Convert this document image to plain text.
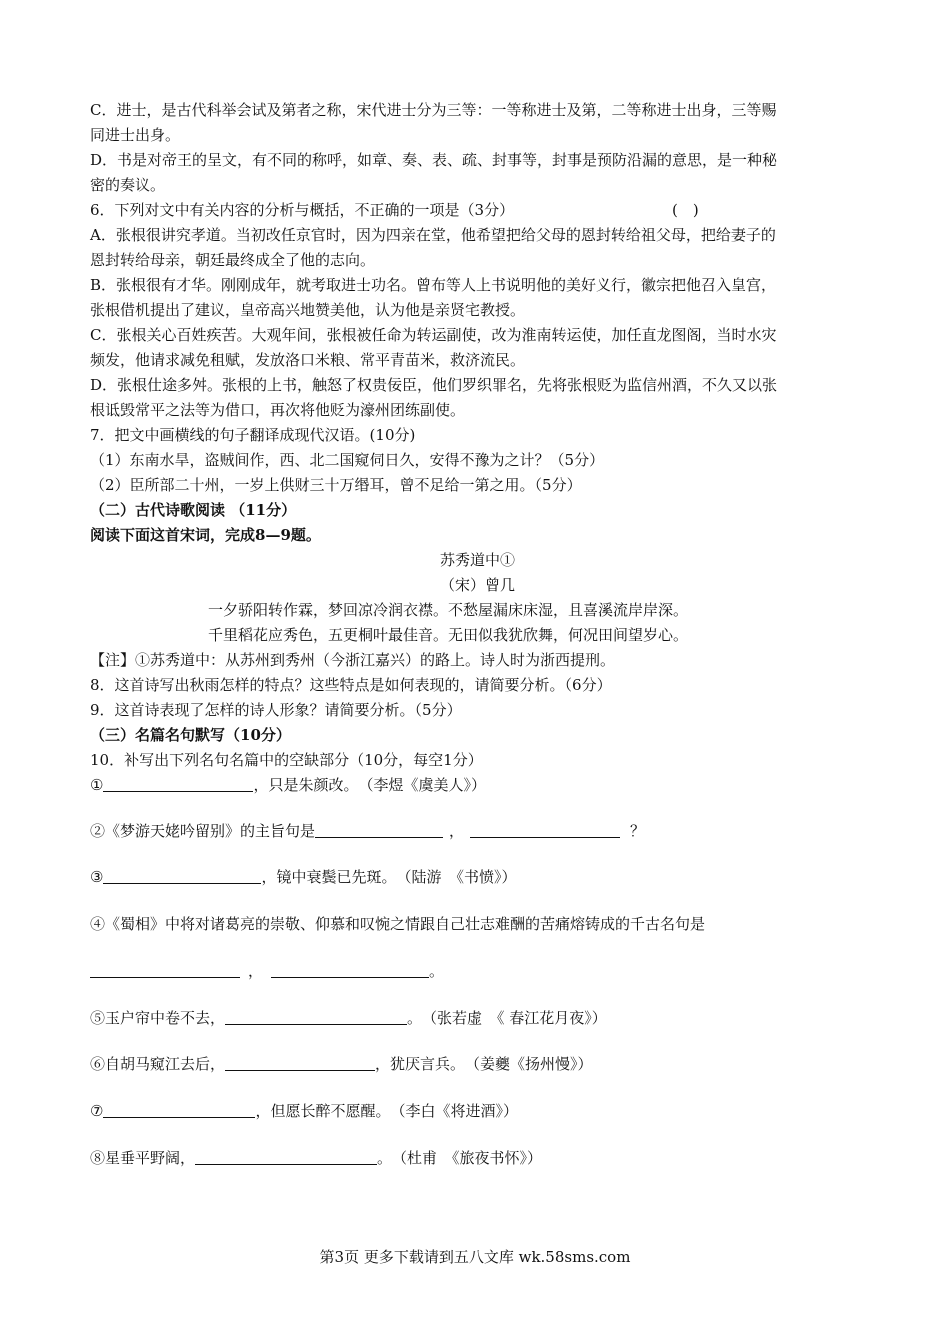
C．进士，是古代科举会试及第者之称，宋代进士分为三等：一等称进士及第，二等称进士出身，三等赐
同进士出身。
D．书是对帝王的呈文，有不同的称呼，如章、奏、表、疏、封事等，封事是预防沿漏的意思，是一种秘
密的奏议。
6．下列对文中有关内容的分析与概括，不正确的一项是（3分）	(　)
A．张根很讲究孝道。当初改任京官时，因为四亲在堂，他希望把给父母的恩封转给祖父母，把给妻子的
恩封转给母亲，朝廷最终成全了他的志向。
B．张根很有才华。刚刚成年，就考取进士功名。曾布等人上书说明他的美好义行，徽宗把他召入皇宫，
张根借机提出了建议，皇帝高兴地赞美他，认为他是亲贤宅教授。
C．张根关心百姓疾苦。大观年间，张根被任命为转运副使，改为淮南转运使，加任直龙图阁，当时水灾
频发，他请求减免租赋，发放洛口米粮、常平青苗米，救济流民。
D．张根仕途多舛。张根的上书，触怒了权贵佞臣，他们罗织罪名，先将张根贬为监信州酒，不久又以张
根诋毁常平之法等为借口，再次将他贬为濠州团练副使。
7．把文中画横线的句子翻译成现代汉语。(10分)
（1）东南水旱，盗贼间作，西、北二国窥伺日久，安得不豫为之计？（5分）
（2）臣所部二十州，一岁上供财三十万缗耳，曾不足给一第之用。（5分）
（二）古代诗歌阅读 （11分）
阅读下面这首宋词，完成8—9题。
苏秀道中①
（宋）曾几
一夕骄阳转作霖，梦回凉冷润衣襟。不愁屋漏床床湿，且喜溪流岸岸深。
千里稻花应秀色，五更桐叶最佳音。无田似我犹欣舞，何况田间望岁心。
【注】①苏秀道中：从苏州到秀州（今浙江嘉兴）的路上。诗人时为浙西提刑。
8．这首诗写出秋雨怎样的特点？这些特点是如何表现的，请简要分析。（6分）
9．这首诗表现了怎样的诗人形象？请简要分析。（5分）
（三）名篇名句默写（10分）
10．补写出下列名句名篇中的空缺部分（10分，每空1分）
①	，只是朱颜改。　（李煜《虞美人》）
②《梦游天姥吟留别》的主旨句是	，	？
③	，镜中衰鬓已先斑。　（陆游　《书愤》）
④《蜀相》中将对诸葛亮的崇敬、仰慕和叹惋之情跟自己壮志难酬的苦痛熔铸成的千古名句是
，	。
⑤玉户帘中卷不去，	。　（张若虚　《 春江花月夜》）
⑥自胡马窥江去后，	，犹厌言兵。　（姜夔《扬州慢》）
⑦	，但愿长醉不愿醒。　（李白《将进酒》）
⑧星垂平野阔，	。　（杜甫　《旅夜书怀》）
第3页 更多下载请到五八文库 wk.58sms.com
